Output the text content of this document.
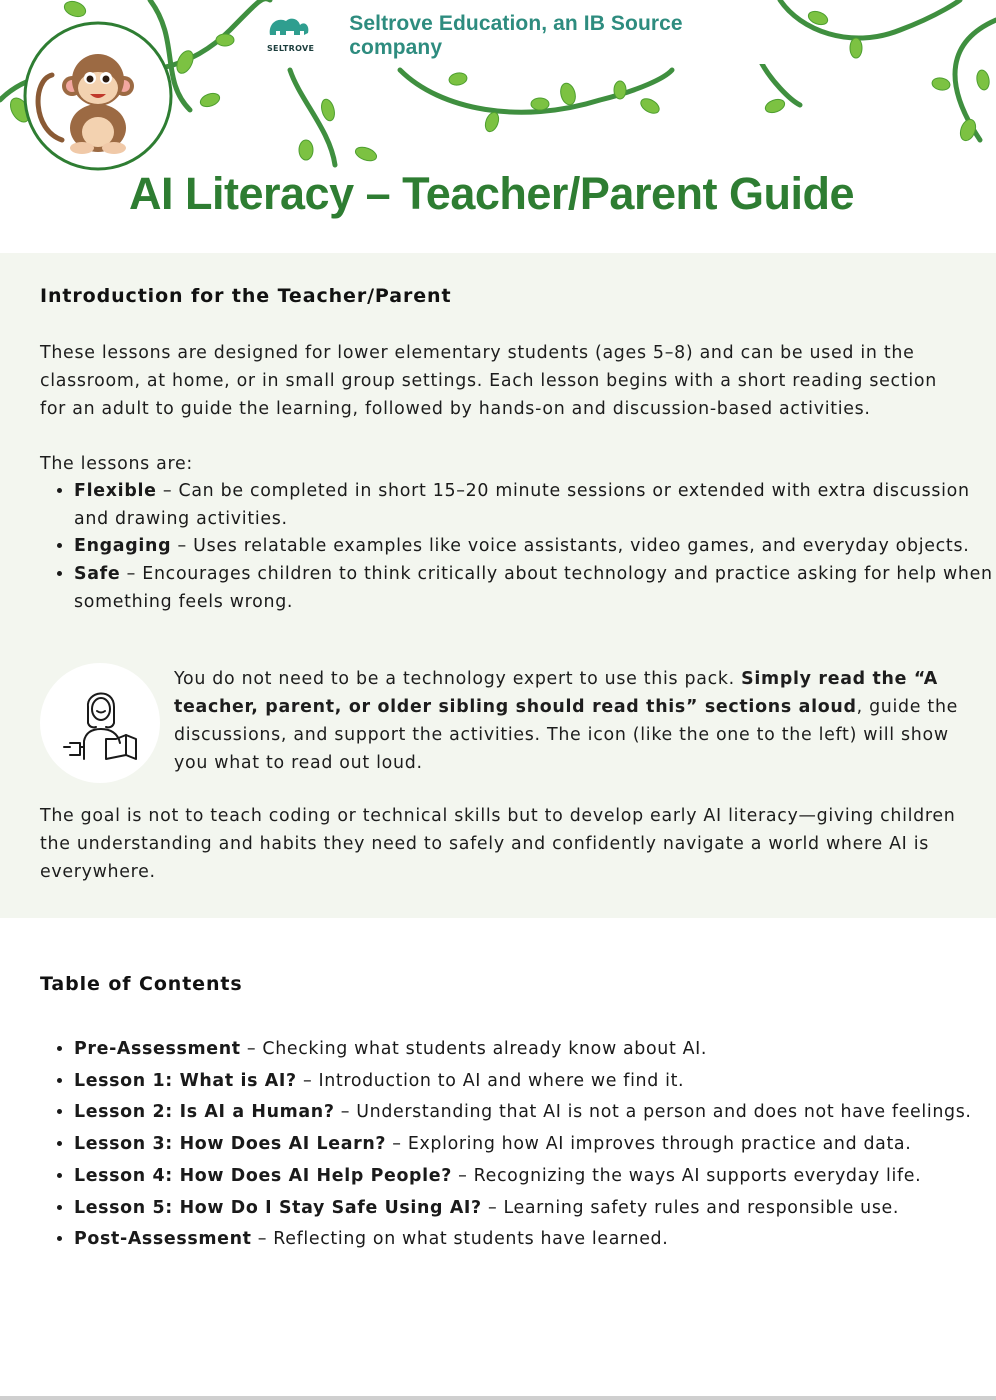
SELTROVE
Seltrove Education, an IB Source company
AI Literacy – Teacher/Parent Guide
Introduction for the Teacher/Parent
These lessons are designed for lower elementary students (ages 5–8) and can be used in the classroom, at home, or in small group settings. Each lesson begins with a short reading section for an adult to guide the learning, followed by hands-on and discussion-based activities.
The lessons are:
• Flexible – Can be completed in short 15–20 minute sessions or extended with extra discussion and drawing activities.
• Engaging – Uses relatable examples like voice assistants, video games, and everyday objects.
• Safe – Encourages children to think critically about technology and practice asking for help when something feels wrong.
You do not need to be a technology expert to use this pack. Simply read the “A teacher, parent, or older sibling should read this” sections aloud, guide the discussions, and support the activities. The icon (like the one to the left) will show you what to read out loud.
The goal is not to teach coding or technical skills but to develop early AI literacy—giving children the understanding and habits they need to safely and confidently navigate a world where AI is everywhere.
Table of Contents
• Pre-Assessment – Checking what students already know about AI.
• Lesson 1: What is AI? – Introduction to AI and where we find it.
• Lesson 2: Is AI a Human? – Understanding that AI is not a person and does not have feelings.
• Lesson 3: How Does AI Learn? – Exploring how AI improves through practice and data.
• Lesson 4: How Does AI Help People? – Recognizing the ways AI supports everyday life.
• Lesson 5: How Do I Stay Safe Using AI? – Learning safety rules and responsible use.
• Post-Assessment – Reflecting on what students have learned.
